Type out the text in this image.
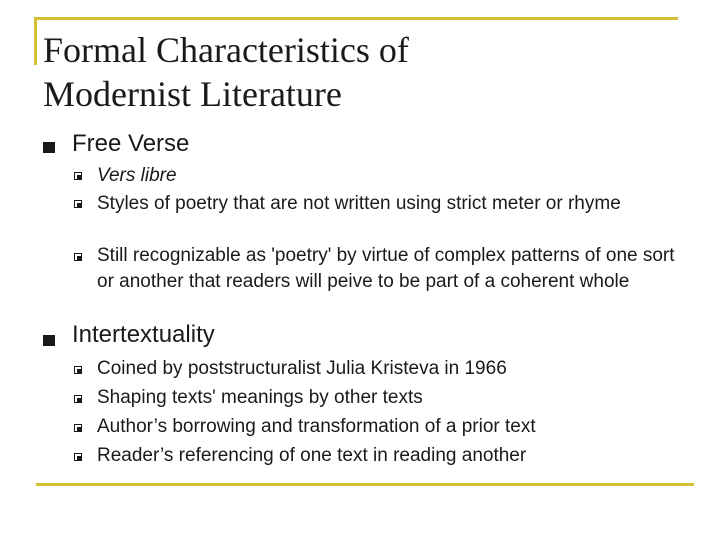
Formal Characteristics of
Modernist Literature
Free Verse
Vers libre
Styles of poetry that are not written using strict meter or rhyme
Still recognizable as 'poetry' by virtue of complex patterns of one sort or another that readers will peive to be part of a coherent whole
Intertextuality
Coined by poststructuralist Julia Kristeva in 1966
Shaping texts' meanings by other texts
Author’s borrowing and transformation of a prior text
Reader’s referencing of one text in reading another
